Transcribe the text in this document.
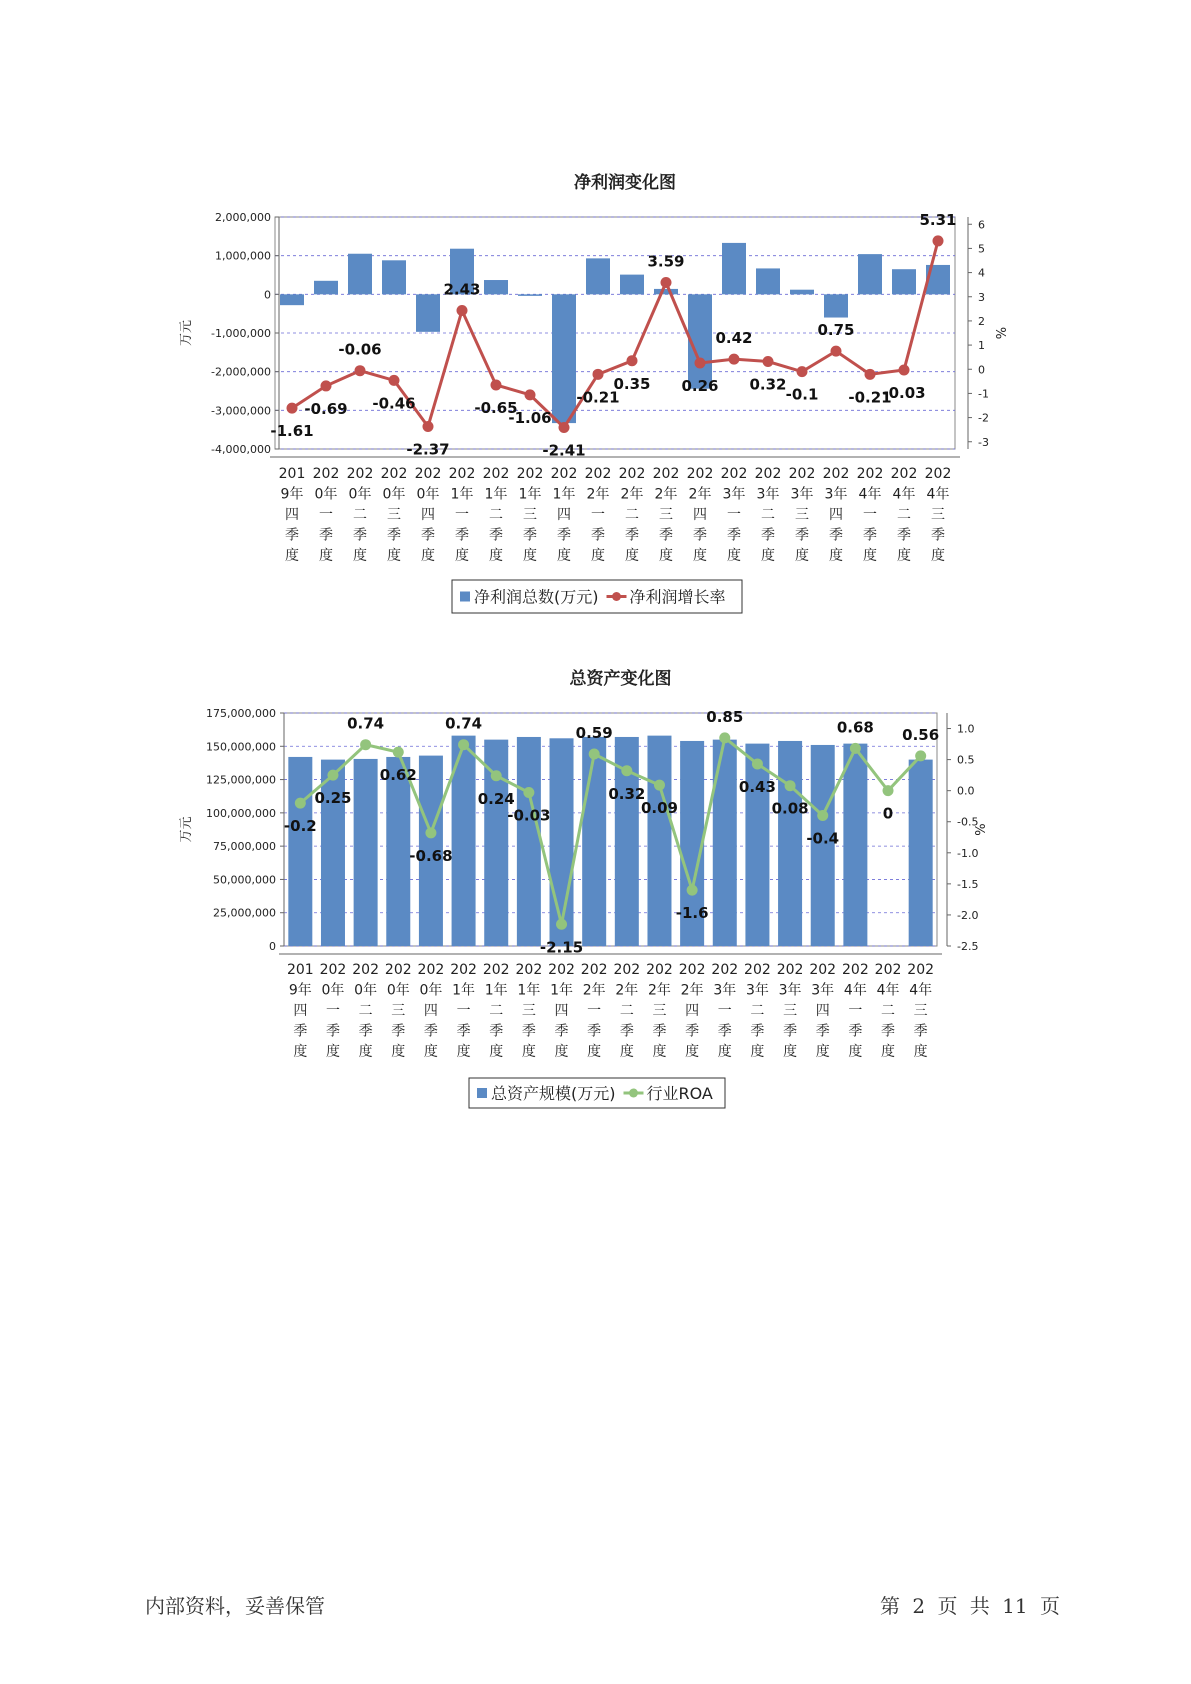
净利润变化图
2,000,000
1,000,000
0
-1,000,000
-2,000,000
-3,000,000
-4,000,000
6
5
4
3
2
1
0
-1
-2
-3
万元	%
-1.61
-0.69
-0.06
-0.46
-2.37
2.43
-0.65
-1.06
-2.41
-0.21
0.35
3.59
0.26
0.42
0.32
-0.1
0.75
-0.21
-0.03
5.31
201
9年
四
季
度
202
0年
一
季
度
202
0年
二
季
度
202
0年
三
季
度
202
0年
四
季
度
202
1年
一
季
度
202
1年
二
季
度
202
1年
三
季
度
202
1年
四
季
度
202
2年
一
季
度
202
2年
二
季
度
202
2年
三
季
度
202
2年
四
季
度
202
3年
一
季
度
202
3年
二
季
度
202
3年
三
季
度
202
3年
四
季
度
202
4年
一
季
度
202
4年
二
季
度
202
4年
三
季
度
净利润总数(万元) 净利润增长率
总资产变化图
175,000,000
150,000,000
125,000,000
100,000,000
75,000,000
50,000,000
25,000,000
0
1.0
0.5
0.0
-0.5
-1.0
-1.5
-2.0
-2.5
万元	%
-0.2
0.25
0.74
0.62
-0.68
0.74
0.24
-0.03
-2.15
0.59
0.32
0.09
-1.6
0.85
0.43
0.08
-0.4
0.68
0
0.56
201
9年
四
季
度
202
0年
一
季
度
202
0年
二
季
度
202
0年
三
季
度
202
0年
四
季
度
202
1年
一
季
度
202
1年
二
季
度
202
1年
三
季
度
202
1年
四
季
度
202
2年
一
季
度
202
2年
二
季
度
202
2年
三
季
度
202
2年
四
季
度
202
3年
一
季
度
202
3年
二
季
度
202
3年
三
季
度
202
3年
四
季
度
202
4年
一
季
度
202
4年
二
季
度
202
4年
三
季
度
总资产规模(万元) 行业ROA
内部资料，妥善保管	第 2 页 共 11 页
